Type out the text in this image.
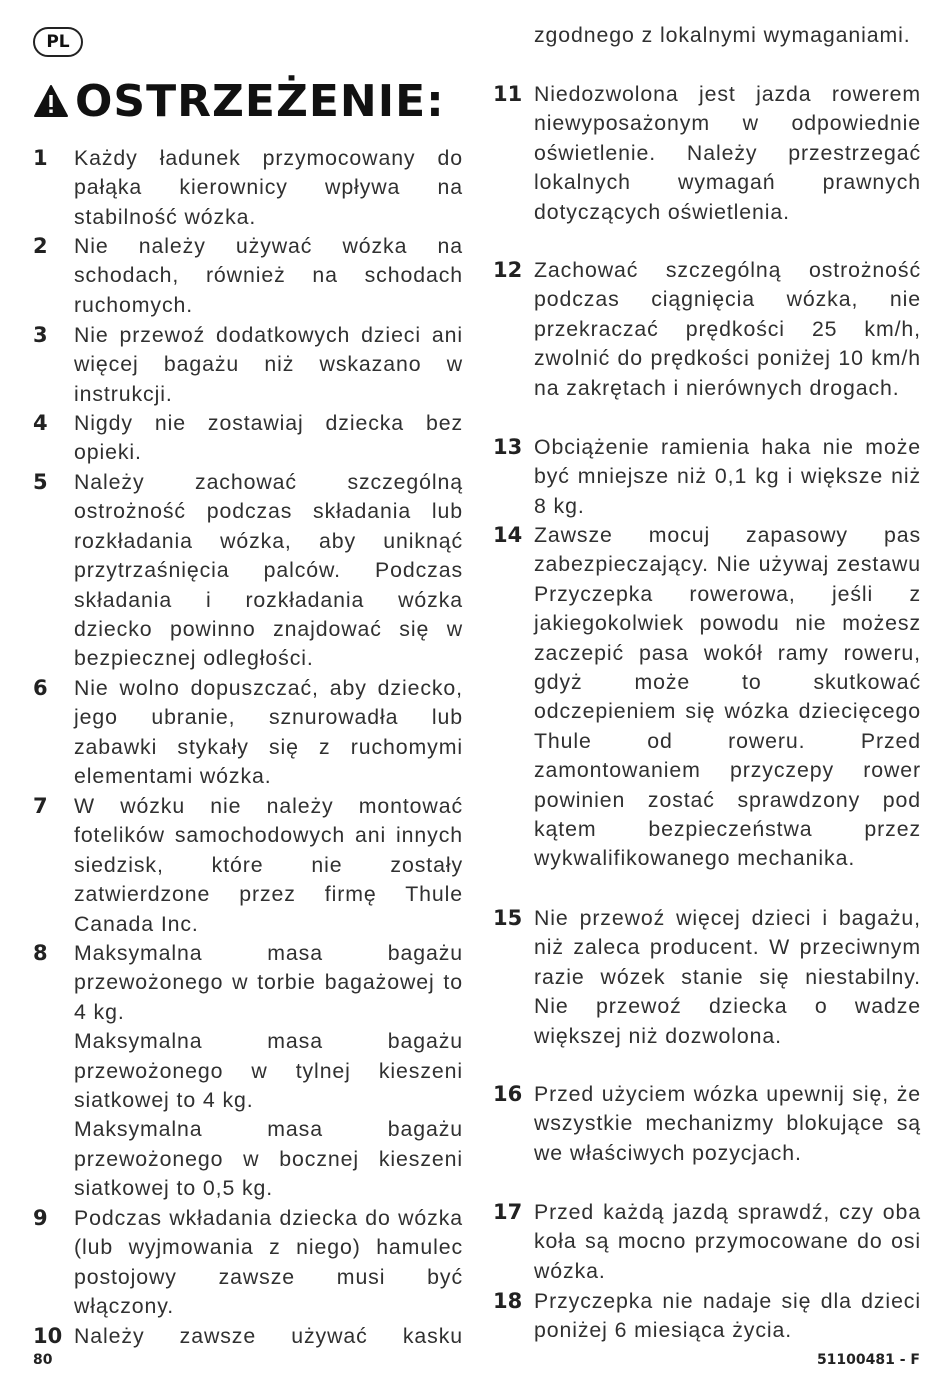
PL
OSTRZEŻENIE:
1 Każdy ładunek przymocowany do pałąka kierownicy wpływa na stabilność wózka.

2 Nie należy używać wózka na schodach, również na schodach ruchomych.

3 Nie przewoź dodatkowych dzieci ani więcej bagażu niż wskazano w instrukcji.

4 Nigdy nie zostawiaj dziecka bez opieki.

5 Należy zachować szczególną ostrożność podczas składania lub rozkładania wózka, aby uniknąć przytrzaśnięcia palców. Podczas składania i rozkładania wózka dziecko powinno znajdować się w bezpiecznej odległości.

6 Nie wolno dopuszczać, aby dziecko, jego ubranie, sznurowadła lub zabawki stykały się z ruchomymi elementami wózka.

7 W wózku nie należy montować fotelików samochodowych ani innych siedzisk, które nie zostały zatwierdzone przez firmę Thule Canada Inc.

8 Maksymalna masa bagażu przewożonego w torbie bagażowej to 4 kg.

Maksymalna masa bagażu przewożonego w tylnej kieszeni siatkowej to 4 kg.

Maksymalna masa bagażu przewożonego w bocznej kieszeni siatkowej to 0,5 kg.

9 Podczas wkładania dziecka do wózka (lub wyjmowania z niego) hamulec postojowy zawsze musi być włączony.

10 Należy zawsze używać kasku

zgodnego z lokalnymi wymaganiami.

11 Niedozwolona jest jazda rowerem niewyposażonym w odpowiednie oświetlenie. Należy przestrzegać lokalnych wymagań prawnych dotyczących oświetlenia.

12 Zachować szczególną ostrożność podczas ciągnięcia wózka, nie przekraczać prędkości 25 km/h, zwolnić do prędkości poniżej 10 km/h na zakrętach i nierównych drogach.

13 Obciążenie ramienia haka nie może być mniejsze niż 0,1 kg i większe niż 8 kg.

14 Zawsze mocuj zapasowy pas zabezpieczający. Nie używaj zestawu Przyczepka rowerowa, jeśli z jakiegokolwiek powodu nie możesz zaczepić pasa wokół ramy roweru, gdyż może to skutkować odczepieniem się wózka dziecięcego Thule od roweru. Przed zamontowaniem przyczepy rower powinien zostać sprawdzony pod kątem bezpieczeństwa przez wykwalifikowanego mechanika.

15 Nie przewoź więcej dzieci i bagażu, niż zaleca producent. W przeciwnym razie wózek stanie się niestabilny. Nie przewoź dziecka o wadze większej niż dozwolona.

16 Przed użyciem wózka upewnij się, że wszystkie mechanizmy blokujące są we właściwych pozycjach.

17 Przed każdą jazdą sprawdź, czy oba koła są mocno przymocowane do osi wózka.

18 Przyczepka nie nadaje się dla dzieci poniżej 6 miesiąca życia.

80	51100481 - F
